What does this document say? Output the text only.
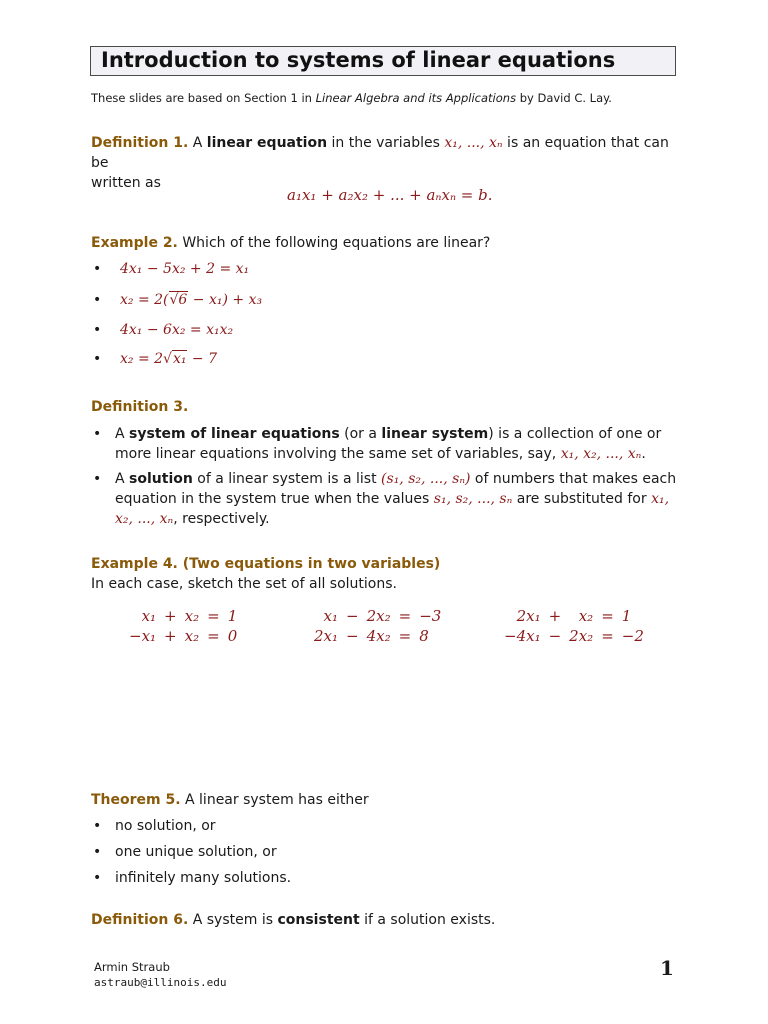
Introduction to systems of linear equations
These slides are based on Section 1 in Linear Algebra and its Applications by David C. Lay.
Definition 1. A linear equation in the variables x₁, ..., xₙ is an equation that can be
written as
a₁x₁ + a₂x₂ + ... + aₙxₙ = b.
Example 2. Which of the following equations are linear?
4x₁ − 5x₂ + 2 = x₁
x₂ = 2(√6 − x₁) + x₃
4x₁ − 6x₂ = x₁x₂
x₂ = 2√x₁ − 7
•
•
•
•
Definition 3.
• A system of linear equations (or a linear system) is a collection of one or more linear equations involving the same set of variables, say, x₁, x₂, ..., xₙ.
• A solution of a linear system is a list (s₁, s₂, ..., sₙ) of numbers that makes each equation in the system true when the values s₁, s₂, ..., sₙ are substituted for x₁, x₂, ..., xₙ, respectively.
Example 4. (Two equations in two variables)
In each case, sketch the set of all solutions.
x₁	+	x₂	=	1
−x₁	+	x₂	=	0
x₁	−	2x₂	=	−3
2x₁	−	4x₂	=	8
2x₁	+	x₂	=	1
−4x₁	−	2x₂	=	−2
Theorem 5. A linear system has either
• no solution, or
• one unique solution, or
• infinitely many solutions.
Definition 6. A system is consistent if a solution exists.
Armin Straub
astraub@illinois.edu
1
